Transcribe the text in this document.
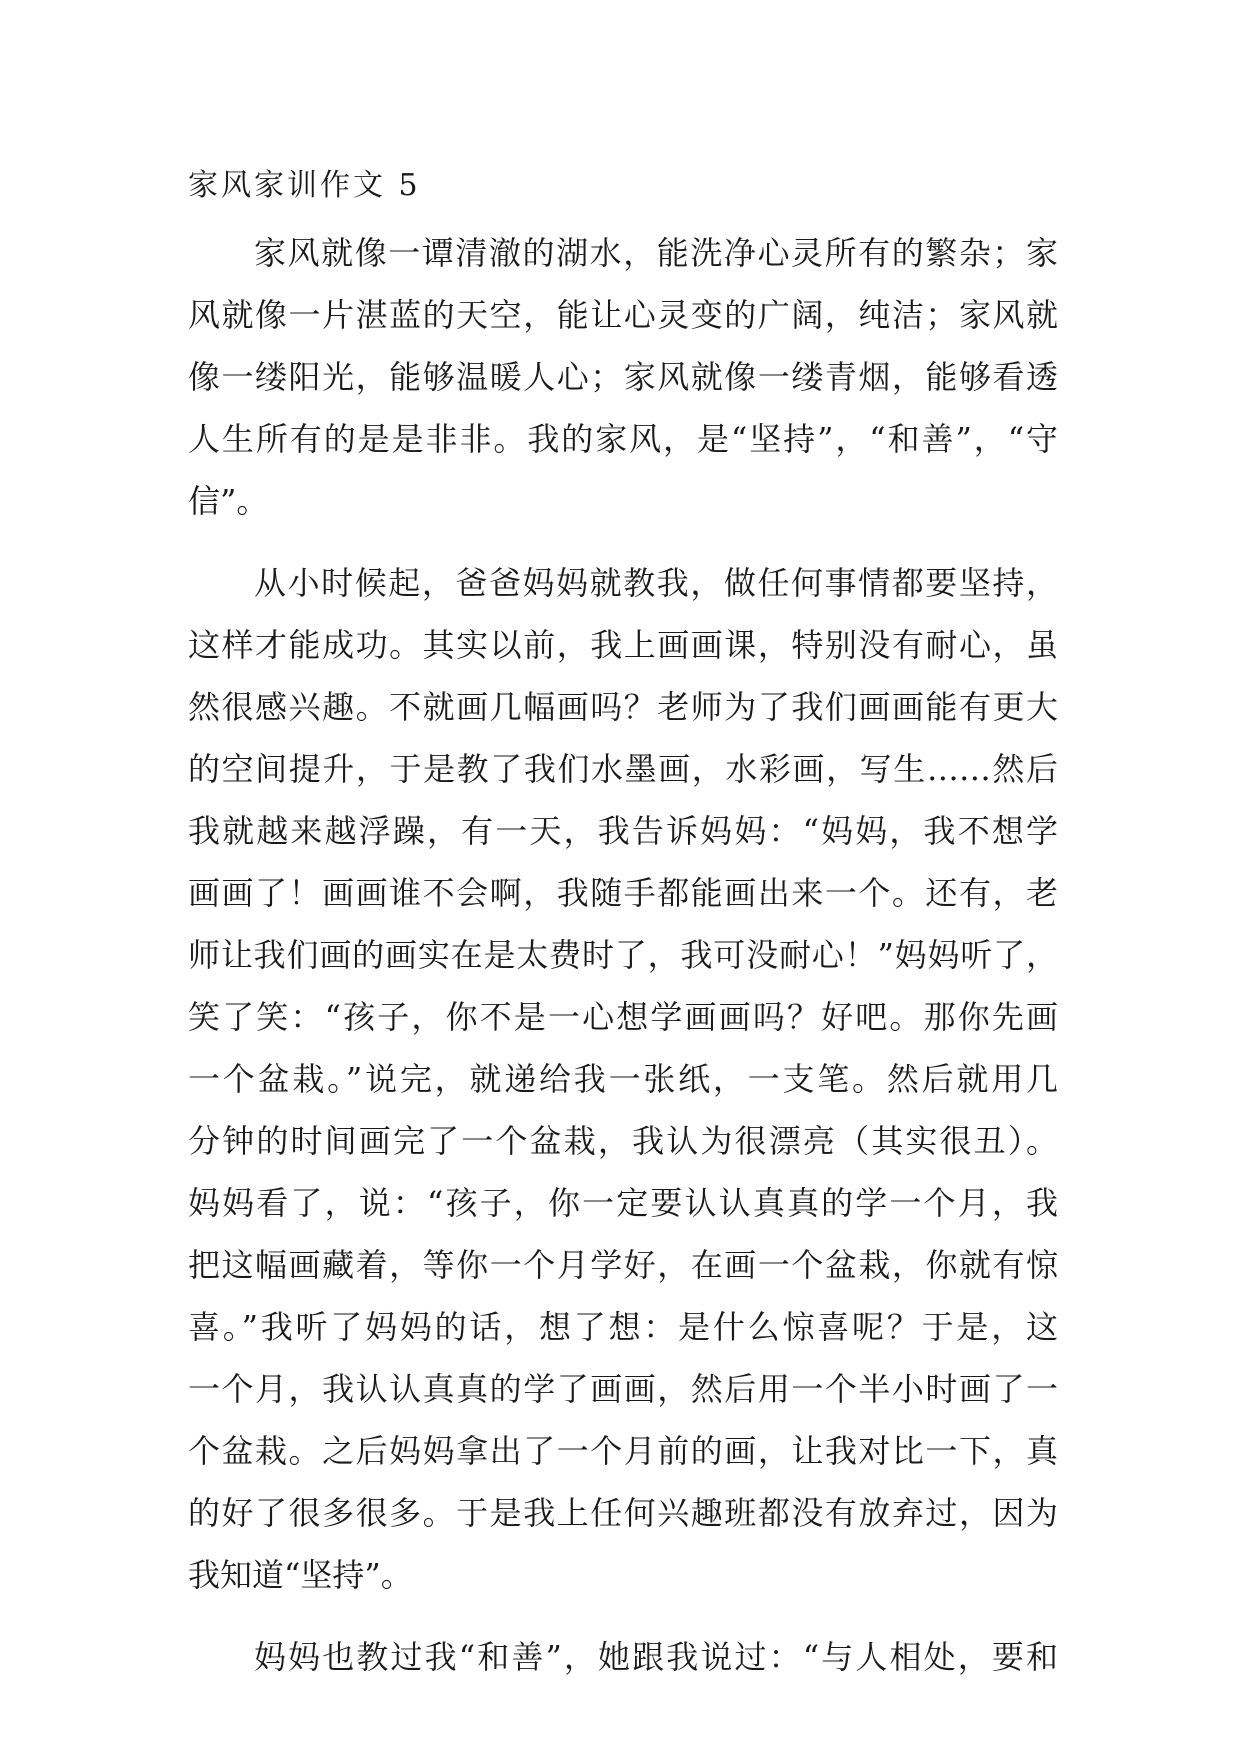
家风家训作文 5
家风就像一谭清澈的湖水，能洗净心灵所有的繁杂；家
风就像一片湛蓝的天空，能让心灵变的广阔，纯洁；家风就
像一缕阳光，能够温暖人心；家风就像一缕青烟，能够看透
人生所有的是是非非。我的家风，是“坚持”，“和善”，“守
信”。
从小时候起，爸爸妈妈就教我，做任何事情都要坚持，
这样才能成功。其实以前，我上画画课，特别没有耐心，虽
然很感兴趣。不就画几幅画吗？老师为了我们画画能有更大
的空间提升，于是教了我们水墨画，水彩画，写生……然后
我就越来越浮躁，有一天，我告诉妈妈：“妈妈，我不想学
画画了！画画谁不会啊，我随手都能画出来一个。还有，老
师让我们画的画实在是太费时了，我可没耐心！”妈妈听了，
笑了笑：“孩子，你不是一心想学画画吗？好吧。那你先画
一个盆栽。”说完，就递给我一张纸，一支笔。然后就用几
分钟的时间画完了一个盆栽，我认为很漂亮（其实很丑）。
妈妈看了，说：“孩子，你一定要认认真真的学一个月，我
把这幅画藏着，等你一个月学好，在画一个盆栽，你就有惊
喜。”我听了妈妈的话，想了想：是什么惊喜呢？于是，这
一个月，我认认真真的学了画画，然后用一个半小时画了一
个盆栽。之后妈妈拿出了一个月前的画，让我对比一下，真
的好了很多很多。于是我上任何兴趣班都没有放弃过，因为
我知道“坚持”。
妈妈也教过我“和善”，她跟我说过：“与人相处，要和
